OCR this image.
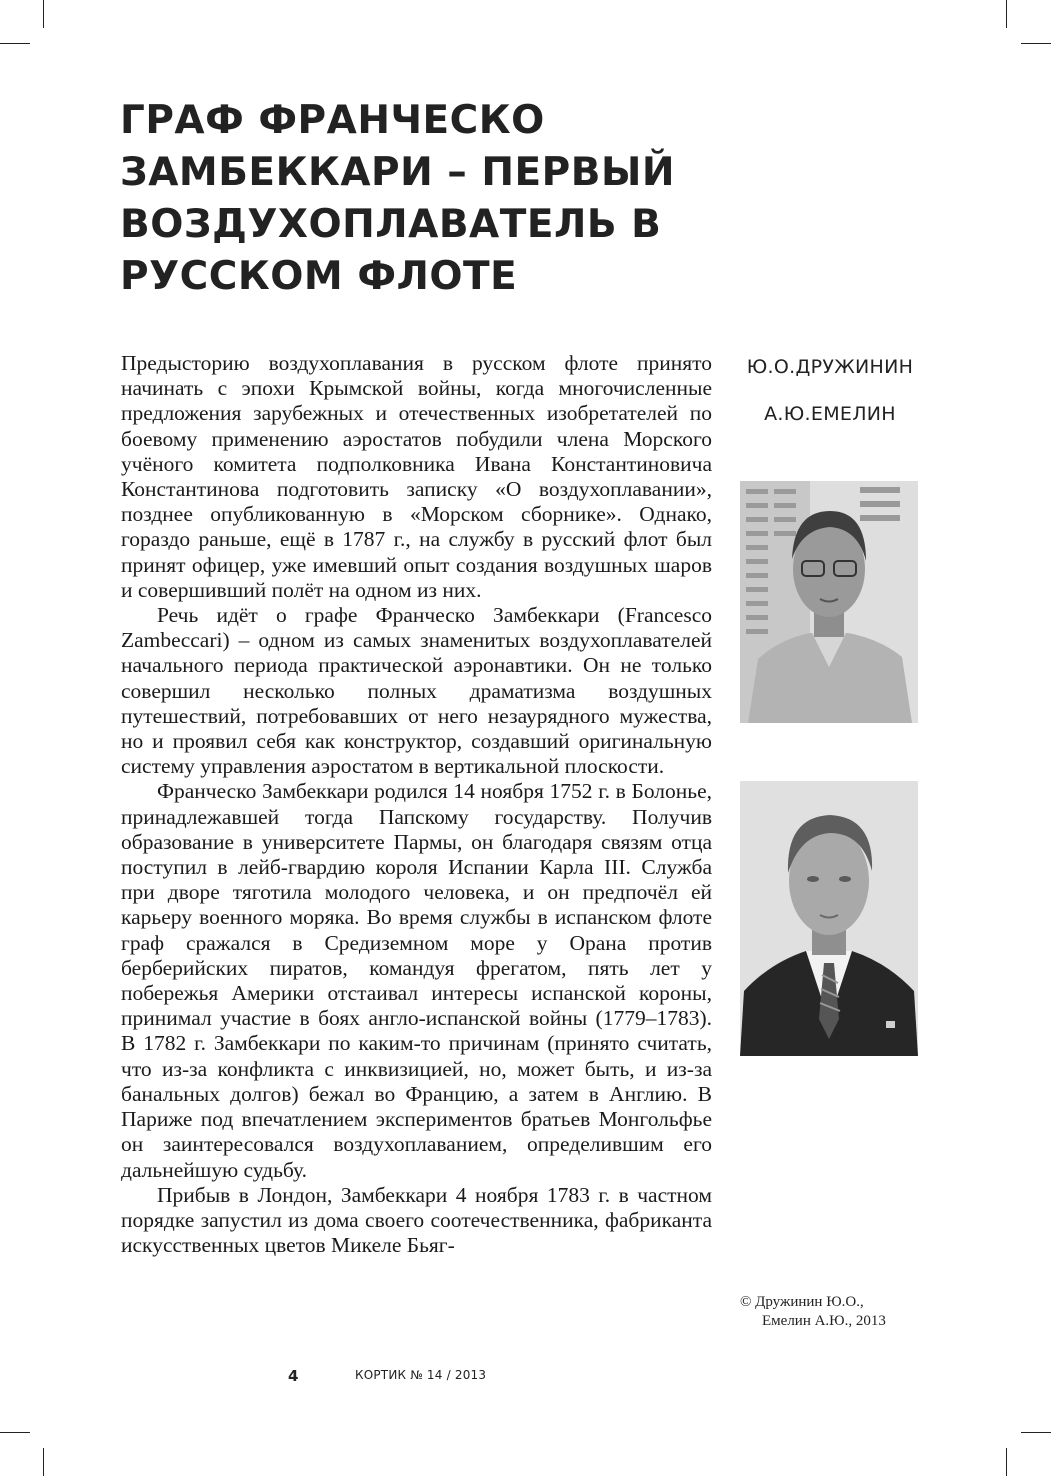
ГРАФ ФРАНЧЕСКО
ЗАМБЕККАРИ – ПЕРВЫЙ
ВОЗДУХОПЛАВАТЕЛЬ В
РУССКОМ ФЛОТЕ

Предысторию воздухоплавания в русском флоте принято начинать с эпохи Крымской войны, когда многочисленные предложения зарубежных и отечественных изобретателей по боевому применению аэростатов побудили члена Морского учёного комитета подполковника Ивана Константиновича Константинова подготовить записку «О воздухоплавании», позднее опубликованную в «Морском сборнике». Однако, гораздо раньше, ещё в 1787 г., на службу в русский флот был принят офицер, уже имевший опыт создания воздушных шаров и совершивший полёт на одном из них.

Речь идёт о графе Франческо Замбеккари (Francesco Zambeccari) – одном из самых знаменитых воздухоплавателей начального периода практической аэронавтики. Он не только совершил несколько полных драматизма воздушных путешествий, потребовавших от него незаурядного мужества, но и проявил себя как конструктор, создавший оригинальную систему управления аэростатом в вертикальной плоскости.

Франческо Замбеккари родился 14 ноября 1752 г. в Болонье, принадлежавшей тогда Папскому государству. Получив образование в университете Пармы, он благодаря связям отца поступил в лейб-гвардию короля Испании Карла III. Служба при дворе тяготила молодого человека, и он предпочёл ей карьеру военного моряка. Во время службы в испанском флоте граф сражался в Средиземном море у Орана против берберийских пиратов, командуя фрегатом, пять лет у побережья Америки отстаивал интересы испанской короны, принимал участие в боях англо-испанской войны (1779–1783). В 1782 г. Замбеккари по каким-то причинам (принято считать, что из-за конфликта с инквизицией, но, может быть, и из-за банальных долгов) бежал во Францию, а затем в Англию. В Париже под впечатлением экспериментов братьев Монгольфье он заинтересовался воздухоплаванием, определившим его дальнейшую судьбу.

Прибыв в Лондон, Замбеккари 4 ноября 1783 г. в частном порядке запустил из дома своего соотечественника, фабриканта искусственных цветов Микеле Бьяг-

Ю.О.ДРУЖИНИН
А.Ю.ЕМЕЛИН
© Дружинин Ю.О.,
Емелин А.Ю., 2013
4	КОРТИК № 14 / 2013
